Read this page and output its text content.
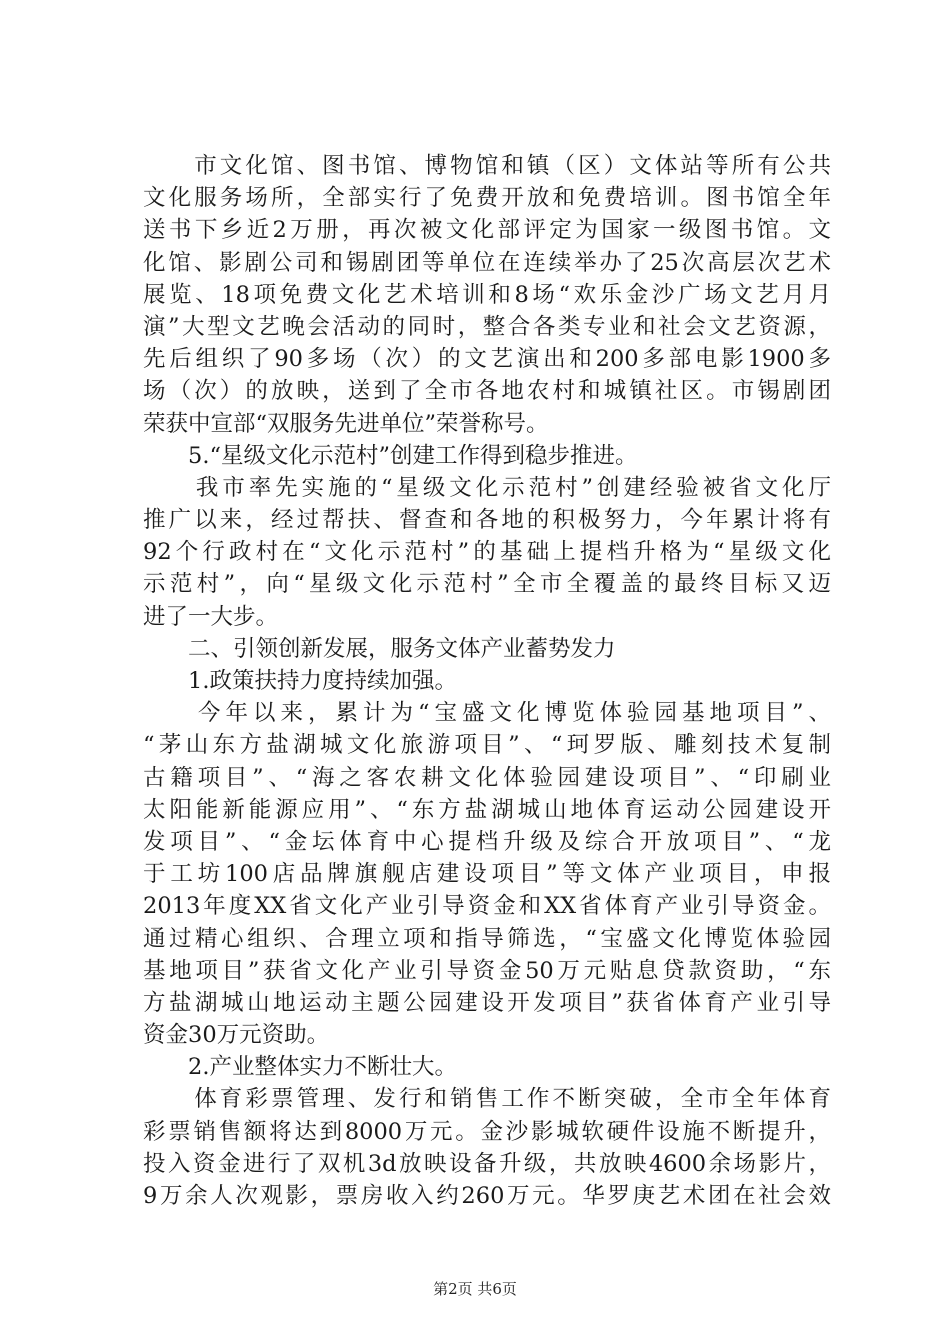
　　市文化馆、图书馆、博物馆和镇（区）文体站等所有公共
文化服务场所，全部实行了免费开放和免费培训。图书馆全年
送书下乡近2万册，再次被文化部评定为国家一级图书馆。文
化馆、影剧公司和锡剧团等单位在连续举办了25次高层次艺术
展览、18项免费文化艺术培训和8场“欢乐金沙广场文艺月月
演”大型文艺晚会活动的同时，整合各类专业和社会文艺资源，
先后组织了90多场（次）的文艺演出和200多部电影1900多
场（次）的放映，送到了全市各地农村和城镇社区。市锡剧团
荣获中宣部“双服务先进单位”荣誉称号。
　　5.“星级文化示范村”创建工作得到稳步推进。
　　我市率先实施的“星级文化示范村”创建经验被省文化厅
推广以来，经过帮扶、督查和各地的积极努力，今年累计将有
92个行政村在“文化示范村”的基础上提档升格为“星级文化
示范村”，向“星级文化示范村”全市全覆盖的最终目标又迈
进了一大步。
　　二、引领创新发展，服务文体产业蓄势发力
　　1.政策扶持力度持续加强。
　　今年以来，累计为“宝盛文化博览体验园基地项目”、
“茅山东方盐湖城文化旅游项目”、“珂罗版、雕刻技术复制
古籍项目”、“海之客农耕文化体验园建设项目”、“印刷业
太阳能新能源应用”、“东方盐湖城山地体育运动公园建设开
发项目”、“金坛体育中心提档升级及综合开放项目”、“龙
于工坊100店品牌旗舰店建设项目”等文体产业项目，申报
2013年度XX省文化产业引导资金和XX省体育产业引导资金。
通过精心组织、合理立项和指导筛选，“宝盛文化博览体验园
基地项目”获省文化产业引导资金50万元贴息贷款资助，“东
方盐湖城山地运动主题公园建设开发项目”获省体育产业引导
资金30万元资助。
　　2.产业整体实力不断壮大。
　　体育彩票管理、发行和销售工作不断突破，全市全年体育
彩票销售额将达到8000万元。金沙影城软硬件设施不断提升，
投入资金进行了双机3d放映设备升级，共放映4600余场影片，
9万余人次观影，票房收入约260万元。华罗庚艺术团在社会效
第2页 共6页
